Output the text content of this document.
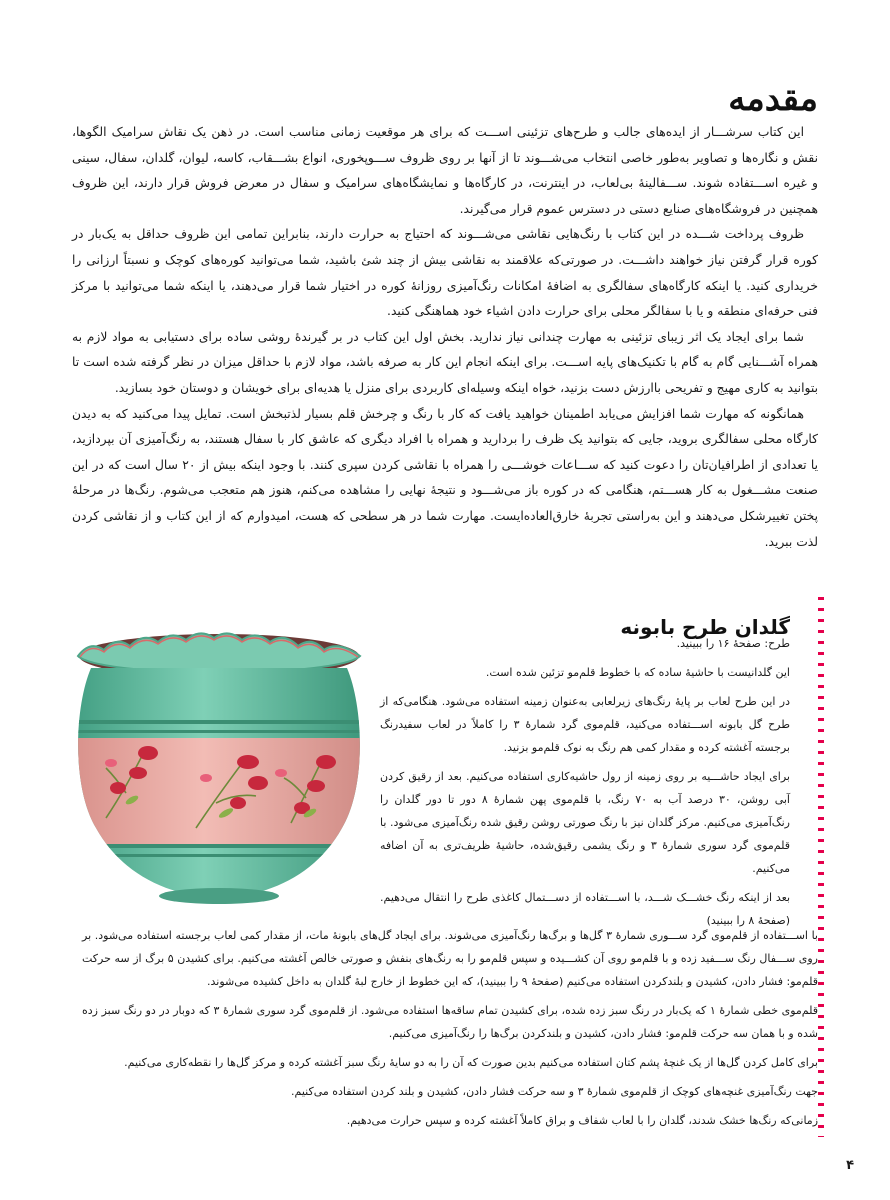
مقدمه

این کتاب سرشـــار از ایده‌های جالب و طرح‌های تزئینی اســـت که برای هر موقعیت زمانی مناسب است. در ذهن یک نقاش سرامیک الگوها، نقش و نگاره‌ها و تصاویر به‌طور خاصی انتخاب می‌شـــوند تا از آنها بر روی ظروف ســـوپخوری، انواع بشـــقاب، کاسه، لیوان، گلدان، سفال، سینی و غیره اســـتفاده شوند. ســـفالینهٔ بی‌لعاب، در اینترنت، در کارگاه‌ها و نمایشگاه‌های سرامیک و سفال در معرض فروش قرار دارند، این ظروف همچنین در فروشگاه‌های صنایع دستی در دسترس عموم قرار می‌گیرند.

ظروف پرداخت شـــده در این کتاب با رنگ‌هایی نقاشی می‌شـــوند که احتیاج به حرارت دارند، بنابراین تمامی این ظروف حداقل به یک‌بار در کوره قرار گرفتن نیاز خواهند داشـــت. در صورتی‌که علاقمند به نقاشی بیش از چند شئ باشید، شما می‌توانید کوره‌های کوچک و نسبتاً ارزانی را خریداری کنید. یا اینکه کارگاه‌های سفالگری به اضافهٔ امکانات رنگ‌آمیزی روزانهٔ کوره در اختیار شما قرار می‌دهند، یا اینکه شما می‌توانید با مرکز فنی حرفه‌ای منطقه و یا با سفالگر محلی برای حرارت دادن اشیاء خود هماهنگی کنید.

شما برای ایجاد یک اثر زیبای تزئینی به مهارت چندانی نیاز ندارید. بخش اول این کتاب در بر گیرندهٔ روشی ساده برای دستیابی به مواد لازم به همراه آشـــنایی گام به گام با تکنیک‌های پایه اســـت. برای اینکه انجام این کار به صرفه باشد، مواد لازم با حداقل میزان در نظر گرفته شده است تا بتوانید به کاری مهیج و تفریحی باارزش دست بزنید، خواه اینکه وسیله‌ای کاربردی برای منزل یا هدیه‌ای برای خویشان و دوستان خود بسازید.

همانگونه که مهارت شما افزایش می‌یابد اطمینان خواهید یافت که کار با رنگ و چرخش قلم بسیار لذتبخش است. تمایل پیدا می‌کنید که به دیدن کارگاه محلی سفالگری بروید، جایی که بتوانید یک ظرف را بردارید و همراه با افراد دیگری که عاشق کار با سفال هستند، به رنگ‌آمیزی آن بپردازید، یا تعدادی از اطرافیان‌تان را دعوت کنید که ســـاعات خوشـــی را همراه با نقاشی کردن سپری کنند. با وجود اینکه بیش از ۲۰ سال است که در این صنعت مشـــغول به کار هســـتم، هنگامی که در کوره باز می‌شـــود و نتیجهٔ نهایی را مشاهده می‌کنم، هنوز هم متعجب می‌شوم. رنگ‌ها در مرحلهٔ پختن تغییرشکل می‌دهند و این به‌راستی تجربهٔ خارق‌العاده‌ایست. مهارت شما در هر سطحی که هست، امیدوارم که از این کتاب و از نقاشی کردن لذت ببرید.

گلدان طرح بابونه

طرح: صفحهٔ ۱۶ را ببینید.

این گلدانیست با حاشیهٔ ساده که با خطوط قلم‌مو تزئین شده است.

در این طرح لعاب بر پایهٔ رنگ‌های زیرلعابی به‌عنوان زمینه استفاده می‌شود. هنگامی‌که از طرح گل بابونه اســـتفاده می‌کنید، قلم‌موی گرد شمارهٔ ۳ را کاملاً در لعاب سفیدرنگ برجسته آغشته کرده و مقدار کمی هم رنگ به نوک قلم‌مو بزنید.

برای ایجاد حاشـــیه بر روی زمینه از رول حاشیه‌کاری استفاده می‌کنیم. بعد از رقیق کردن آبی روشن، ۳۰ درصد آب به ۷۰ رنگ، با قلم‌موی پهن شمارهٔ ۸ دور تا دور گلدان را رنگ‌آمیزی می‌کنیم. مرکز گلدان نیز با رنگ صورتی روشن رقیق شده رنگ‌آمیزی می‌شود. با قلم‌موی گرد سوری شمارهٔ ۳ و رنگ یشمی رقیق‌شده، حاشیهٔ ظریف‌تری به آن اضافه می‌کنیم.

بعد از اینکه رنگ خشـــک شـــد، با اســـتفاده از دســـتمال کاغذی طرح را انتقال می‌دهیم. (صفحهٔ ۸ را ببینید)

با اســـتفاده از قلم‌موی گرد ســـوری شمارهٔ ۳ گل‌ها و برگ‌ها رنگ‌آمیزی می‌شوند. برای ایجاد گل‌های بابونهٔ مات، از مقدار کمی لعاب برجسته استفاده می‌شود. بر روی ســـفال رنگ ســـفید زده و با قلم‌مو روی آن کشـــیده و سپس قلم‌مو را به رنگ‌های بنفش و صورتی خالص آغشته می‌کنیم. برای کشیدن ۵ برگ از سه حرکت قلم‌مو: فشار دادن، کشیدن و بلندکردن استفاده می‌کنیم (صفحهٔ ۹ را ببینید)، که این خطوط از خارج لبهٔ گلدان به داخل کشیده می‌شوند.

قلم‌موی خطی شمارهٔ ۱ که یک‌بار در رنگ سبز زده شده، برای کشیدن تمام ساقه‌ها استفاده می‌شود. از قلم‌موی گرد سوری شمارهٔ ۳ که دوبار در دو رنگ سبز زده شده و با همان سه حرکت قلم‌مو: فشار دادن، کشیدن و بلندکردن برگ‌ها را رنگ‌آمیزی می‌کنیم.

برای کامل کردن گل‌ها از یک غنچهٔ پشم کتان استفاده می‌کنیم بدین صورت که آن را به دو سایهٔ رنگ سبز آغشته کرده و مرکز گل‌ها را نقطه‌کاری می‌کنیم.

جهت رنگ‌آمیزی غنچه‌های کوچک از قلم‌موی شمارهٔ ۳ و سه حرکت فشار دادن، کشیدن و بلند کردن استفاده می‌کنیم.

زمانی‌که رنگ‌ها خشک شدند، گلدان را با لعاب شفاف و براق کاملاً آغشته کرده و سپس حرارت می‌دهیم.

۴
